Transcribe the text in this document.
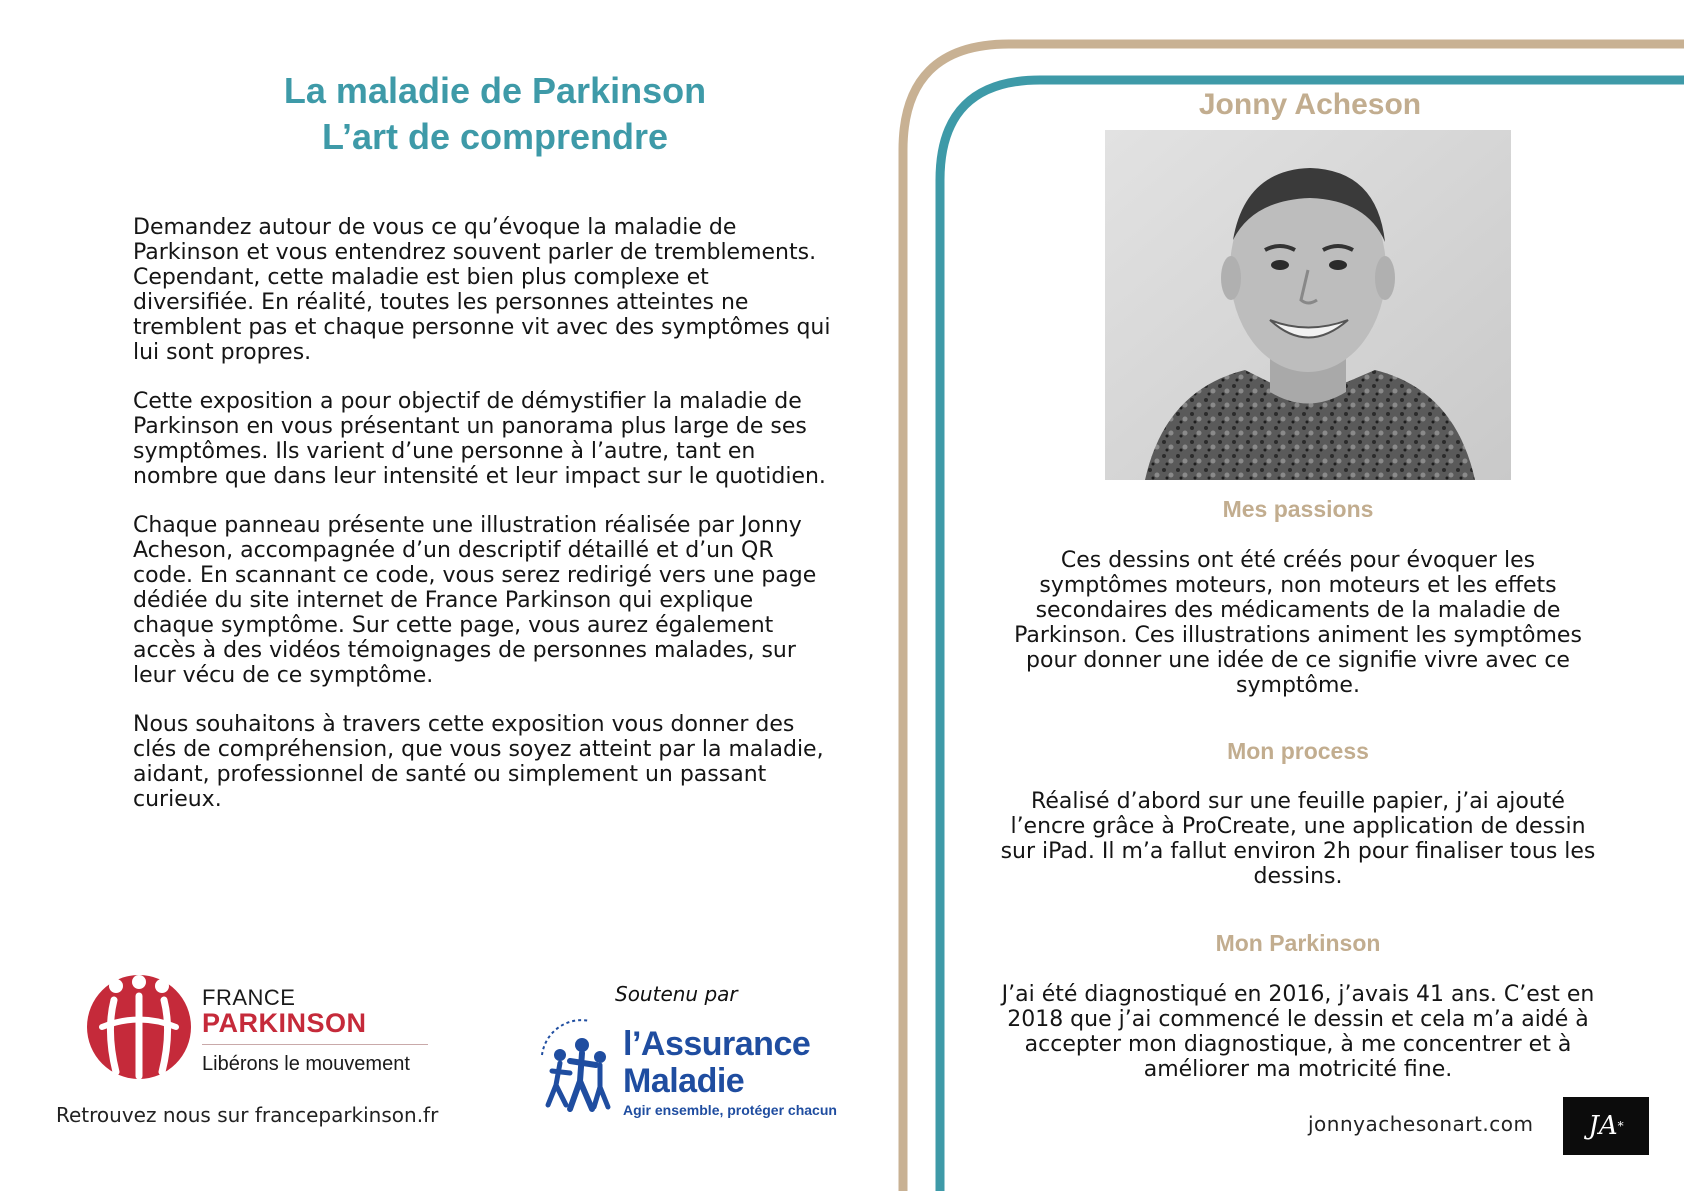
La maladie de Parkinson
L’art de comprendre

Demandez autour de vous ce qu’évoque la maladie de Parkinson et vous entendrez souvent parler de tremblements. Cependant, cette maladie est bien plus complexe et diversifiée. En réalité, toutes les personnes atteintes ne tremblent pas et chaque personne vit avec des symptômes qui lui sont propres.

Cette exposition a pour objectif de démystifier la maladie de Parkinson en vous présentant un panorama plus large de ses symptômes. Ils varient d’une personne à l’autre, tant en nombre que dans leur intensité et leur impact sur le quotidien.

Chaque panneau présente une illustration réalisée par Jonny Acheson, accompagnée d’un descriptif détaillé et d’un QR code. En scannant ce code, vous serez redirigé vers une page dédiée du site internet de France Parkinson qui explique chaque symptôme. Sur cette page, vous aurez également accès à des vidéos témoignages de personnes malades, sur leur vécu de ce symptôme.

Nous souhaitons à travers cette exposition vous donner des clés de compréhension, que vous soyez atteint par la maladie, aidant, professionnel de santé ou simplement un passant curieux.

FRANCE
PARKINSON
Libérons le mouvement
Retrouvez nous sur franceparkinson.fr
Soutenu par
l’Assurance
Maladie
Agir ensemble, protéger chacun
Jonny Acheson
Mes passions
Ces dessins ont été créés pour évoquer les symptômes moteurs, non moteurs et les effets secondaires des médicaments de la maladie de Parkinson. Ces illustrations animent les symptômes pour donner une idée de ce signifie vivre avec ce symptôme.
Mon process
Réalisé d’abord sur une feuille papier, j’ai ajouté l’encre grâce à ProCreate, une application de dessin sur iPad. Il m’a fallut environ 2h pour finaliser tous les dessins.
Mon Parkinson
J’ai été diagnostiqué en 2016, j’avais 41 ans. C’est en 2018 que j’ai commencé le dessin et cela m’a aidé à accepter mon diagnostique, à me concentrer et à améliorer ma motricité fine.
jonnyachesonart.com JA *
